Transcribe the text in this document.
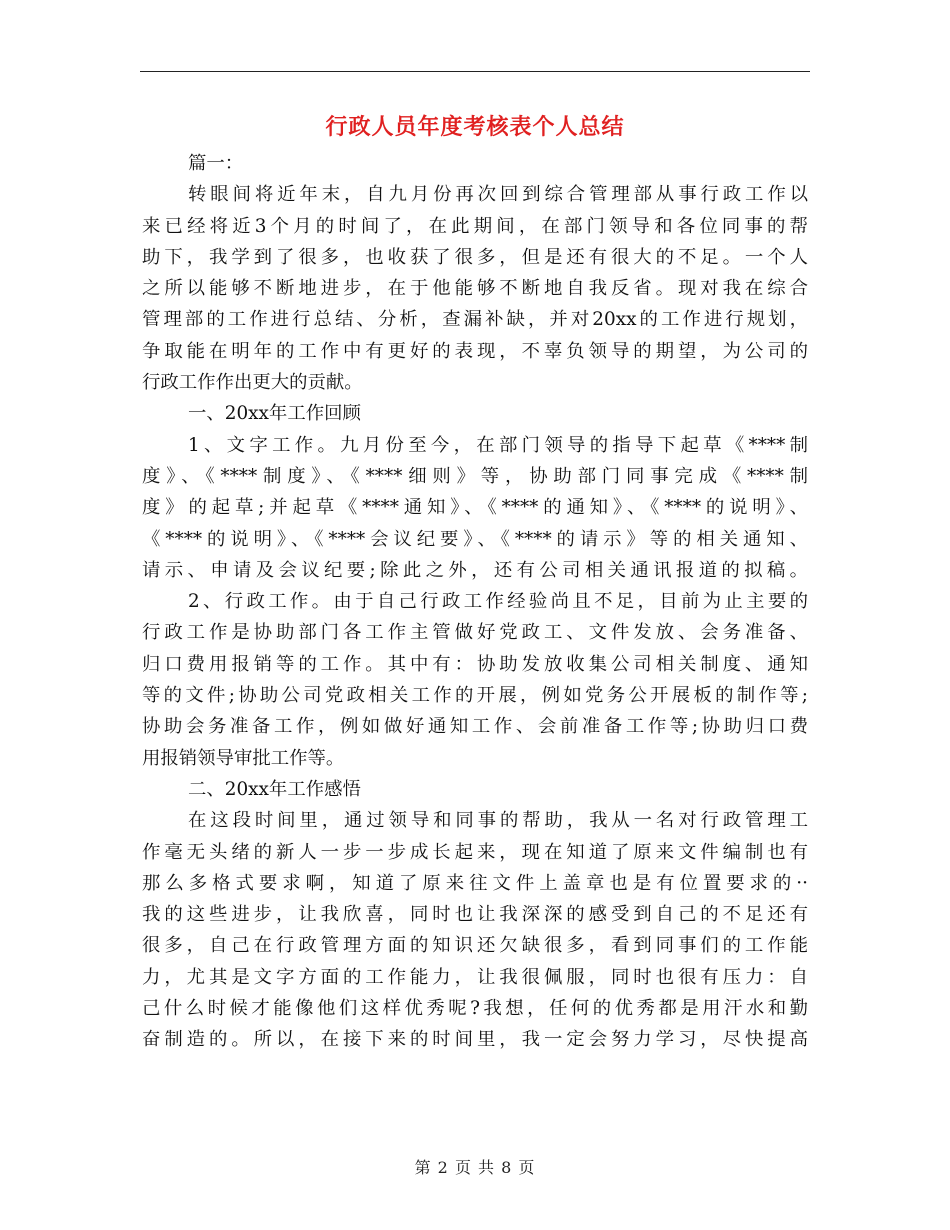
行政人员年度考核表个人总结
篇一：
转眼间将近年末，自九月份再次回到综合管理部从事行政工作以
来已经将近3个月的时间了，在此期间，在部门领导和各位同事的帮
助下，我学到了很多，也收获了很多，但是还有很大的不足。一个人
之所以能够不断地进步，在于他能够不断地自我反省。现对我在综合
管理部的工作进行总结、分析，查漏补缺，并对20xx的工作进行规划，
争取能在明年的工作中有更好的表现，不辜负领导的期望，为公司的
行政工作作出更大的贡献。
一、20xx年工作回顾
1、文字工作。九月份至今，在部门领导的指导下起草《****制
度》、《****制度》、《****细则》等，协助部门同事完成《****制
度》的起草;并起草《****通知》、《****的通知》、《****的说明》、
《****的说明》、《****会议纪要》、《****的请示》等的相关通知、
请示、申请及会议纪要;除此之外，还有公司相关通讯报道的拟稿。
2、行政工作。由于自己行政工作经验尚且不足，目前为止主要的
行政工作是协助部门各工作主管做好党政工、文件发放、会务准备、
归口费用报销等的工作。其中有：协助发放收集公司相关制度、通知
等的文件;协助公司党政相关工作的开展，例如党务公开展板的制作等;
协助会务准备工作，例如做好通知工作、会前准备工作等;协助归口费
用报销领导审批工作等。
二、20xx年工作感悟
在这段时间里，通过领导和同事的帮助，我从一名对行政管理工
作毫无头绪的新人一步一步成长起来，现在知道了原来文件编制也有
那么多格式要求啊，知道了原来往文件上盖章也是有位置要求的··
我的这些进步，让我欣喜，同时也让我深深的感受到自己的不足还有
很多，自己在行政管理方面的知识还欠缺很多，看到同事们的工作能
力，尤其是文字方面的工作能力，让我很佩服，同时也很有压力：自
己什么时候才能像他们这样优秀呢?我想，任何的优秀都是用汗水和勤
奋制造的。所以，在接下来的时间里，我一定会努力学习，尽快提高
第 2 页 共 8 页
